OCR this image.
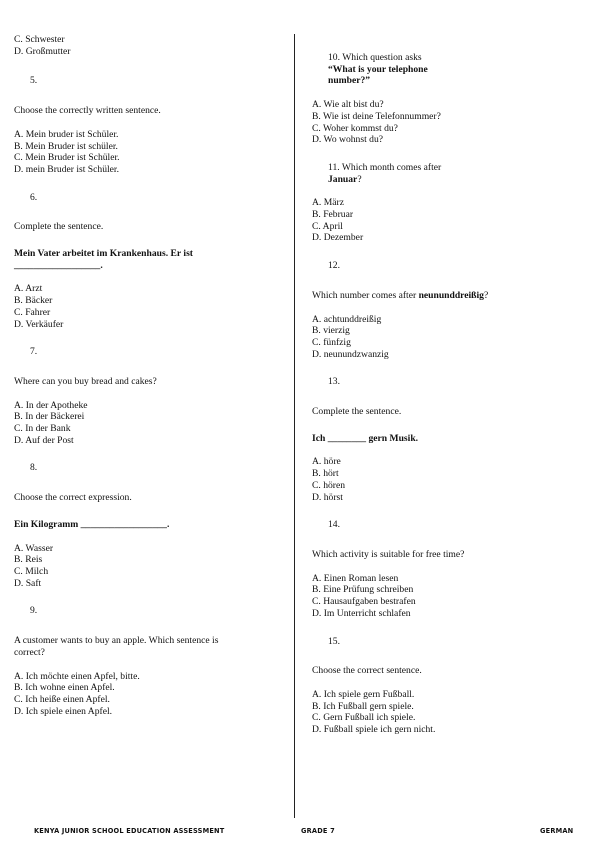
C. Schwester
D. Großmutter
5.
Choose the correctly written sentence.
A. Mein bruder ist Schüler.
B. Mein Bruder ist schüler.
C. Mein Bruder ist Schüler.
D. mein Bruder ist Schüler.
6.
Complete the sentence.
Mein Vater arbeitet im Krankenhaus. Er ist
__________________.
A. Arzt
B. Bäcker
C. Fahrer
D. Verkäufer
7.
Where can you buy bread and cakes?
A. In der Apotheke
B. In der Bäckerei
C. In der Bank
D. Auf der Post
8.
Choose the correct expression.
Ein Kilogramm __________________.
A. Wasser
B. Reis
C. Milch
D. Saft
9.
A customer wants to buy an apple. Which sentence is
correct?
A. Ich möchte einen Apfel, bitte.
B. Ich wohne einen Apfel.
C. Ich heiße einen Apfel.
D. Ich spiele einen Apfel.
10. Which question asks
“What is your telephone
number?”
A. Wie alt bist du?
B. Wie ist deine Telefonnummer?
C. Woher kommst du?
D. Wo wohnst du?
11. Which month comes after
Januar?
A. März
B. Februar
C. April
D. Dezember
12.
Which number comes after neununddreißig?
A. achtunddreißig
B. vierzig
C. fünfzig
D. neunundzwanzig
13.
Complete the sentence.
Ich ________ gern Musik.
A. höre
B. hört
C. hören
D. hörst
14.
Which activity is suitable for free time?
A. Einen Roman lesen
B. Eine Prüfung schreiben
C. Hausaufgaben bestrafen
D. Im Unterricht schlafen
15.
Choose the correct sentence.
A. Ich spiele gern Fußball.
B. Ich Fußball gern spiele.
C. Gern Fußball ich spiele.
D. Fußball spiele ich gern nicht.
KENYA JUNIOR SCHOOL EDUCATION ASSESSMENT	GRADE 7	GERMAN
